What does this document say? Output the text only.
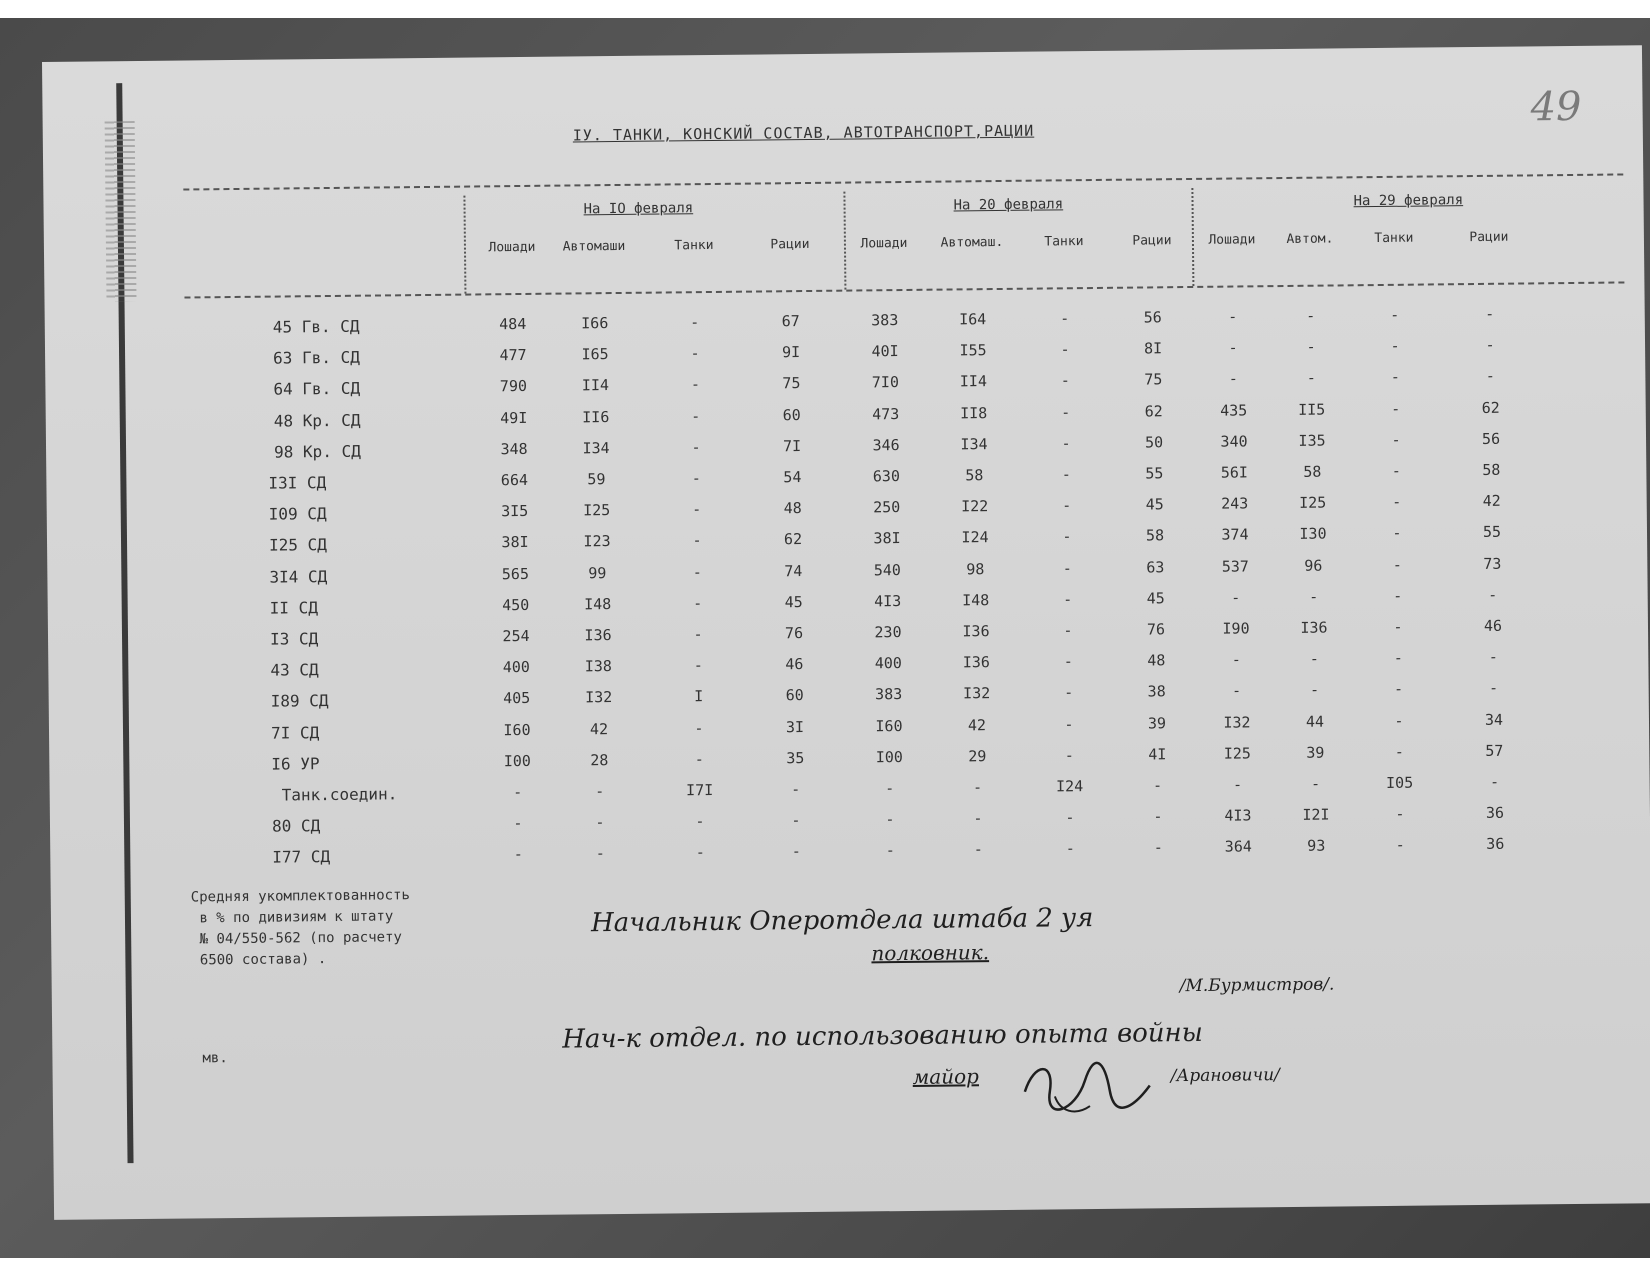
49
IУ. ТАНКИ, КОНСКИЙ СОСТАВ, АВТОТРАНСПОРТ,РАЦИИ
На IO февраля	На 20 февраля	На 29 февраля
Лошади	Автомаши	Танки	Рации	Лошади	Автомаш.	Танки	Рации	Лошади	Автом.	Танки	Рации
45 Гв. СД	484	I66	-	67	383	I64	-	56	-	-	-	-
63 Гв. СД	477	I65	-	9I	40I	I55	-	8I	-	-	-	-
64 Гв. СД	790	II4	-	75	7I0	II4	-	75	-	-	-	-
48 Кр. СД	49I	II6	-	60	473	II8	-	62	435	II5	-	62
98 Кр. СД	348	I34	-	7I	346	I34	-	50	340	I35	-	56
I3I СД	664	59	-	54	630	58	-	55	56I	58	-	58
I09 СД	3I5	I25	-	48	250	I22	-	45	243	I25	-	42
I25 СД	38I	I23	-	62	38I	I24	-	58	374	I30	-	55
3I4 СД	565	99	-	74	540	98	-	63	537	96	-	73
II СД	450	I48	-	45	4I3	I48	-	45	-	-	-	-
I3 СД	254	I36	-	76	230	I36	-	76	I90	I36	-	46
43 СД	400	I38	-	46	400	I36	-	48	-	-	-	-
I89 СД	405	I32	I	60	383	I32	-	38	-	-	-	-
7I СД	I60	42	-	3I	I60	42	-	39	I32	44	-	34
I6 УР	I00	28	-	35	I00	29	-	4I	I25	39	-	57
Танк.соедин.	-	-	I7I	-	-	-	I24	-	-	-	I05	-
80 СД	-	-	-	-	-	-	-	-	4I3	I2I	-	36
I77 СД	-	-	-	-	-	-	-	-	364	93	-	36
Средняя укомплектованность
в % по дивизиям к штату
№ 04/550-562 (по расчету
6500 состава) .
мв.
Начальник Оперотдела штаба 2 уя
полковник.
/М.Бурмистров/.
Нач-к отдел. по использованию опыта войны
майор	/Арановичи/
